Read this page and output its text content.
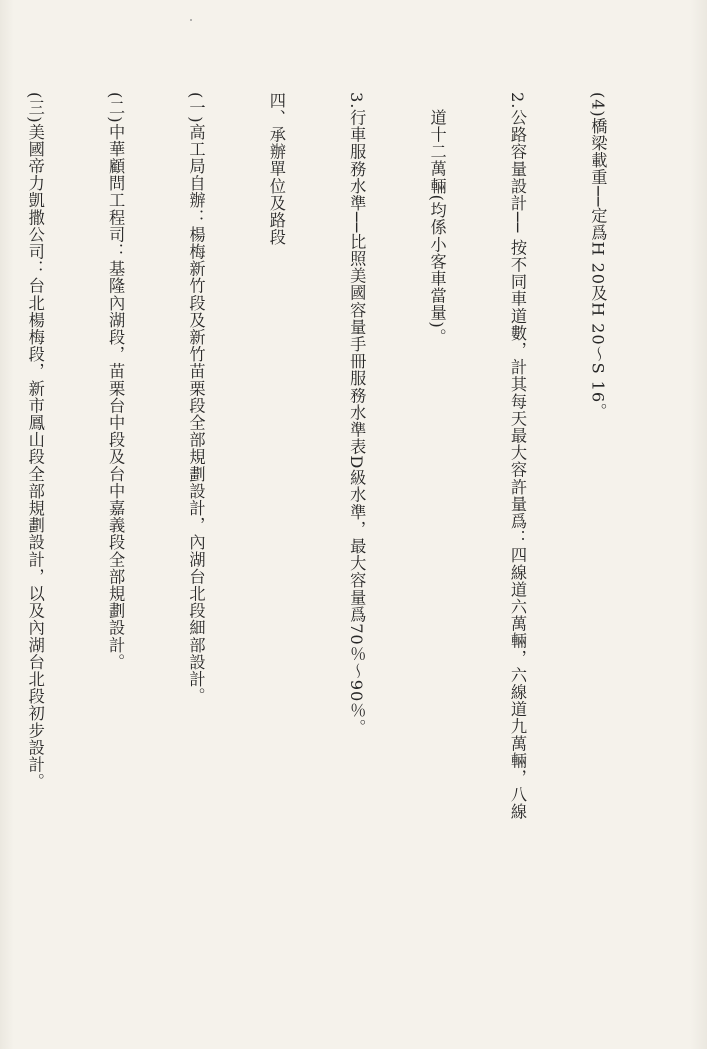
(4)橋梁載重──定爲H 20及H 20～S 16。

2.公路容量設計── 按不同車道數，計其每天最大容許量爲：四線道六萬輛，六線道九萬輛，八線

　道十二萬輛(均係小客車當量)。

3.行車服務水準──比照美國容量手冊服務水準表D級水準，最大容量爲70％～90％。

四、承辦單位及路段

(一)高工局自辦：楊梅新竹段及新竹苗栗段全部規劃設計，內湖台北段細部設計。

(二)中華顧問工程司：基隆內湖段，苗栗台中段及台中嘉義段全部規劃設計。

(三)美國帝力凱撒公司：台北楊梅段，新市鳳山段全部規劃設計，以及內湖台北段初步設計。
